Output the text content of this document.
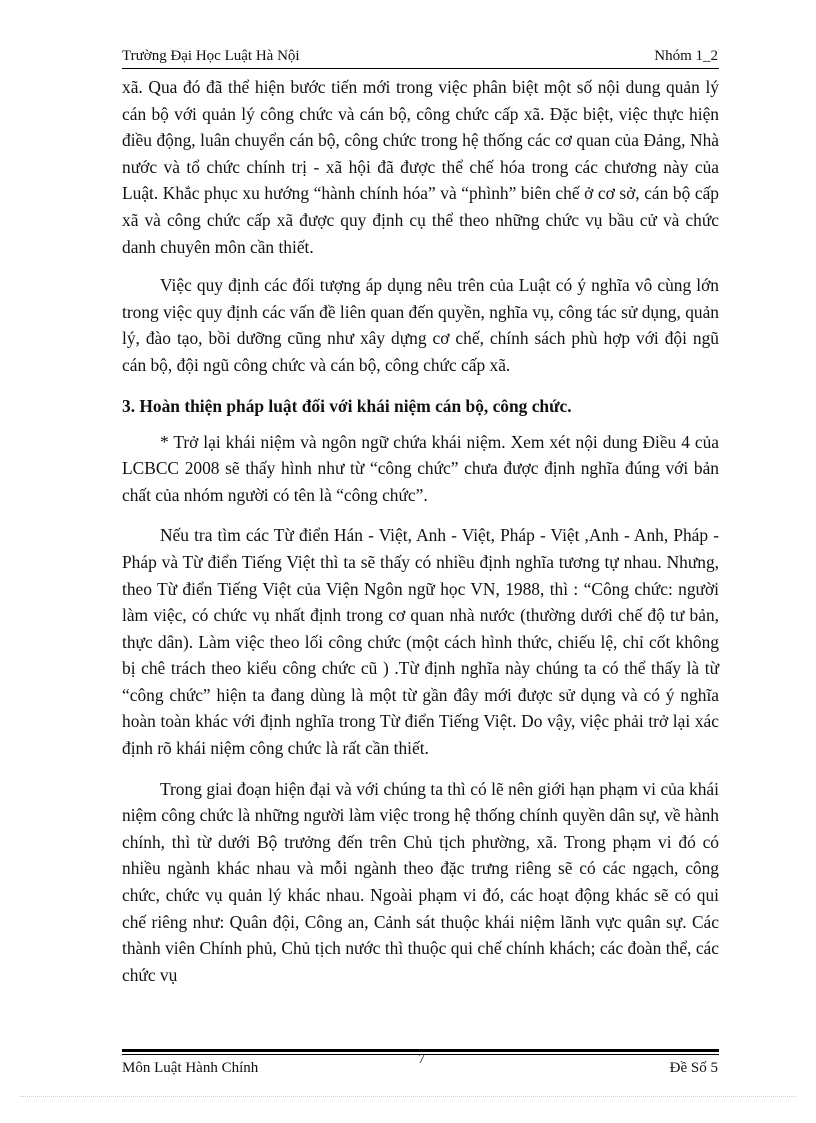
Trường Đại Học Luật Hà Nội	Nhóm 1_2

xã. Qua đó đã thể hiện bước tiến mới trong việc phân biệt một số nội dung quản lý cán bộ với quản lý công chức và cán bộ, công chức cấp xã. Đặc biệt, việc thực hiện điều động, luân chuyển cán bộ, công chức trong hệ thống các cơ quan của Đảng, Nhà nước và tổ chức chính trị - xã hội đã được thể chế hóa trong các chương này của Luật. Khắc phục xu hướng “hành chính hóa” và “phình” biên chế ở cơ sở, cán bộ cấp xã và công chức cấp xã được quy định cụ thể theo những chức vụ bầu cử và chức danh chuyên môn cần thiết.

Việc quy định các đối tượng áp dụng nêu trên của Luật có ý nghĩa vô cùng lớn trong việc quy định các vấn đề liên quan đến quyền, nghĩa vụ, công tác sử dụng, quản lý, đào tạo, bồi dưỡng cũng như xây dựng cơ chế, chính sách phù hợp với đội ngũ cán bộ, đội ngũ công chức và cán bộ, công chức cấp xã.

3. Hoàn thiện pháp luật đối với khái niệm cán bộ, công chức.

* Trở lại khái niệm và ngôn ngữ chứa khái niệm. Xem xét nội dung Điều 4 của LCBCC 2008 sẽ thấy hình như từ “công chức” chưa được định nghĩa đúng với bản chất của nhóm người có tên là “công chức”.

Nếu tra tìm các Từ điển Hán - Việt, Anh - Việt, Pháp - Việt ,Anh - Anh, Pháp - Pháp và Từ điển Tiếng Việt thì ta sẽ thấy có nhiều định nghĩa tương tự nhau. Nhưng, theo Từ điển Tiếng Việt của Viện Ngôn ngữ học VN, 1988, thì : “Công chức: người làm việc, có chức vụ nhất định trong cơ quan nhà nước (thường dưới chế độ tư bản, thực dân). Làm việc theo lối công chức (một cách hình thức, chiếu lệ, chỉ cốt không bị chê trách theo kiểu công chức cũ ) .Từ định nghĩa này chúng ta có thể thấy là từ “công chức” hiện ta đang dùng là một từ gần đây mới được sử dụng và có ý nghĩa hoàn toàn khác với định nghĩa trong Từ điển Tiếng Việt. Do vậy, việc phải trở lại xác định rõ khái niệm công chức là rất cần thiết.

Trong giai đoạn hiện đại và với chúng ta thì có lẽ nên giới hạn phạm vi của khái niệm công chức là những người làm việc trong hệ thống chính quyền dân sự, về hành chính, thì từ dưới Bộ trưởng đến trên Chủ tịch phường, xã. Trong phạm vi đó có nhiều ngành khác nhau và mỗi ngành theo đặc trưng riêng sẽ có các ngạch, công chức, chức vụ quản lý khác nhau. Ngoài phạm vi đó, các hoạt động khác sẽ có qui chế riêng như: Quân đội, Công an, Cảnh sát thuộc khái niệm lãnh vực quân sự. Các thành viên Chính phủ, Chủ tịch nước thì thuộc qui chế chính khách; các đoàn thể, các chức vụ

Môn Luật Hành Chính
7
Đề Số 5
